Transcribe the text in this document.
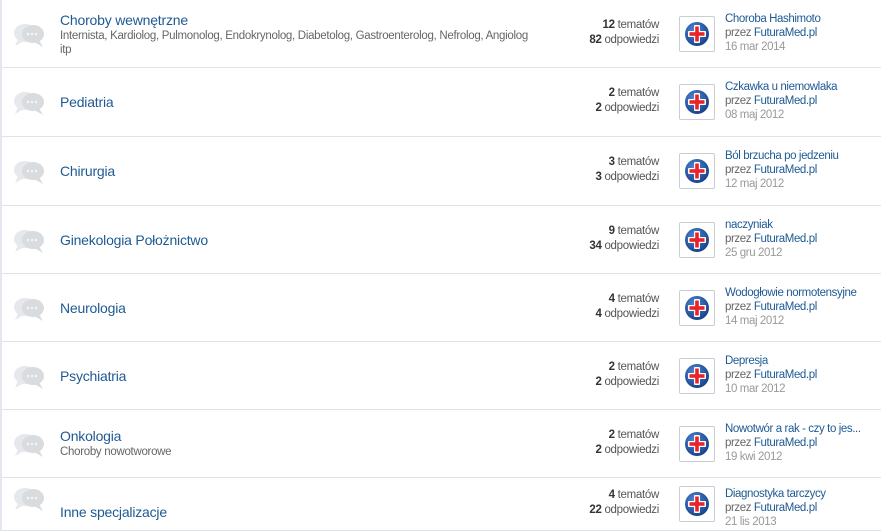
Choroby wewnętrzne
Internista, Kardiolog, Pulmonolog, Endokrynolog, Diabetolog, Gastroenterolog, Nefrolog, Angiolog itp
12 tematów
82 odpowiedzi
Choroba Hashimoto
przez FuturaMed.pl
16 mar 2014
Pediatria
2 tematów
2 odpowiedzi
Czkawka u niemowlaka
przez FuturaMed.pl
08 maj 2012
Chirurgia
3 tematów
3 odpowiedzi
Ból brzucha po jedzeniu
przez FuturaMed.pl
12 maj 2012
Ginekologia Położnictwo
9 tematów
34 odpowiedzi
naczyniak
przez FuturaMed.pl
25 gru 2012
Neurologia
4 tematów
4 odpowiedzi
Wodogłowie normotensyjne
przez FuturaMed.pl
14 maj 2012
Psychiatria
2 tematów
2 odpowiedzi
Depresja
przez FuturaMed.pl
10 mar 2012
Onkologia
Choroby nowotworowe
2 tematów
2 odpowiedzi
Nowotwór a rak - czy to jes...
przez FuturaMed.pl
19 kwi 2012
Inne specjalizacje
4 tematów
22 odpowiedzi
Diagnostyka tarczycy
przez FuturaMed.pl
21 lis 2013
